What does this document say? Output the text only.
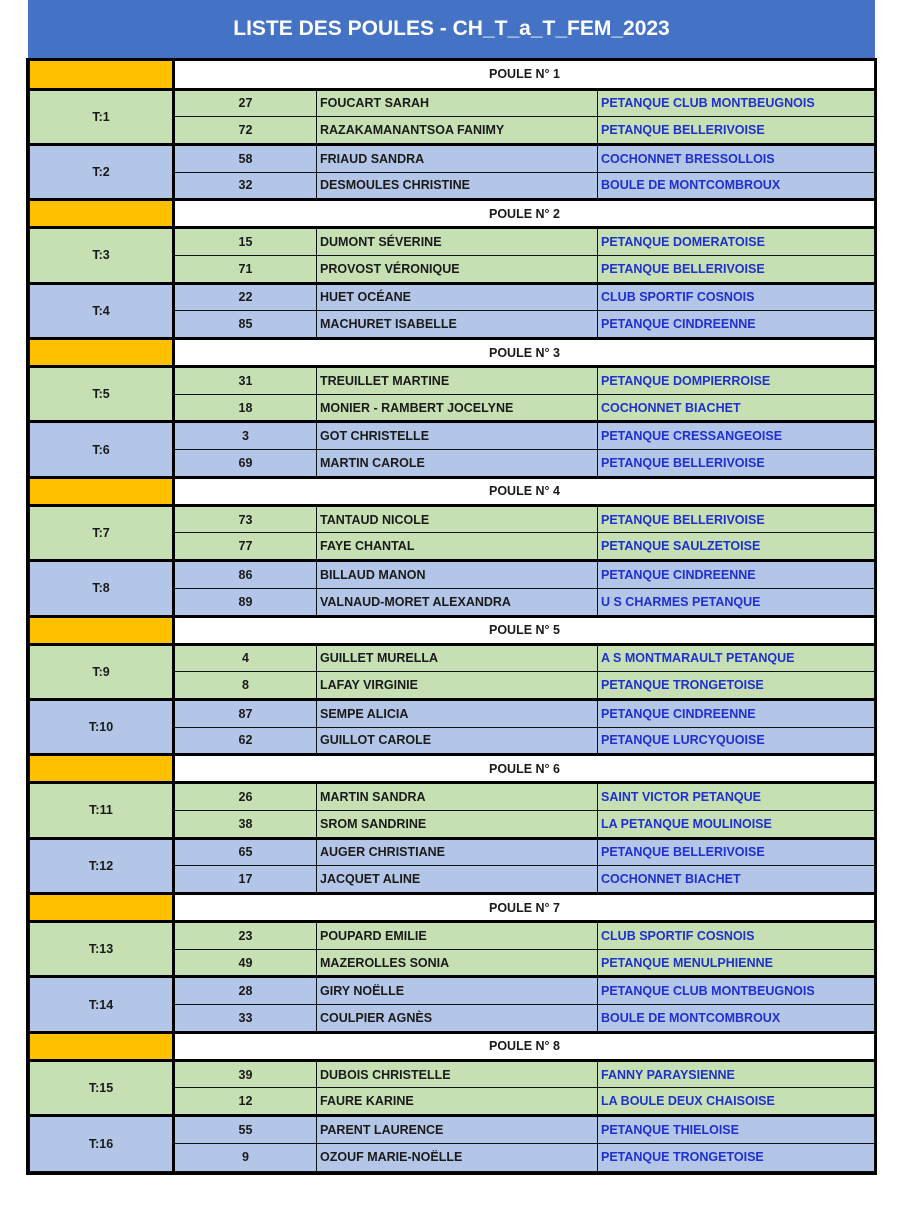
LISTE DES POULES - CH_T_a_T_FEM_2023
	POULE N° 1		
T:1	27	FOUCART SARAH	PETANQUE CLUB MONTBEUGNOIS
	72	RAZAKAMANANTSOA FANIMY	PETANQUE BELLERIVOISE
T:2	58	FRIAUD SANDRA	COCHONNET BRESSOLLOIS
	32	DESMOULES CHRISTINE	BOULE DE MONTCOMBROUX
	POULE N° 2		
T:3	15	DUMONT SÉVERINE	PETANQUE DOMERATOISE
	71	PROVOST VÉRONIQUE	PETANQUE BELLERIVOISE
T:4	22	HUET OCÉANE	CLUB SPORTIF COSNOIS
	85	MACHURET ISABELLE	PETANQUE CINDREENNE
	POULE N° 3		
T:5	31	TREUILLET MARTINE	PETANQUE DOMPIERROISE
	18	MONIER - RAMBERT JOCELYNE	COCHONNET BIACHET
T:6	3	GOT CHRISTELLE	PETANQUE CRESSANGEOISE
	69	MARTIN CAROLE	PETANQUE BELLERIVOISE
	POULE N° 4		
T:7	73	TANTAUD NICOLE	PETANQUE BELLERIVOISE
	77	FAYE CHANTAL	PETANQUE SAULZETOISE
T:8	86	BILLAUD MANON	PETANQUE CINDREENNE
	89	VALNAUD-MORET ALEXANDRA	U S CHARMES PETANQUE
	POULE N° 5		
T:9	4	GUILLET MURELLA	A S MONTMARAULT PETANQUE
	8	LAFAY VIRGINIE	PETANQUE TRONGETOISE
T:10	87	SEMPE ALICIA	PETANQUE CINDREENNE
	62	GUILLOT CAROLE	PETANQUE LURCYQUOISE
	POULE N° 6		
T:11	26	MARTIN SANDRA	SAINT VICTOR PETANQUE
	38	SROM SANDRINE	LA PETANQUE MOULINOISE
T:12	65	AUGER CHRISTIANE	PETANQUE BELLERIVOISE
	17	JACQUET ALINE	COCHONNET BIACHET
	POULE N° 7		
T:13	23	POUPARD EMILIE	CLUB SPORTIF COSNOIS
	49	MAZEROLLES SONIA	PETANQUE MENULPHIENNE
T:14	28	GIRY NOËLLE	PETANQUE CLUB MONTBEUGNOIS
	33	COULPIER AGNÈS	BOULE DE MONTCOMBROUX
	POULE N° 8		
T:15	39	DUBOIS CHRISTELLE	FANNY PARAYSIENNE
	12	FAURE KARINE	LA BOULE DEUX CHAISOISE
T:16	55	PARENT LAURENCE	PETANQUE THIELOISE
	9	OZOUF MARIE-NOËLLE	PETANQUE TRONGETOISE
